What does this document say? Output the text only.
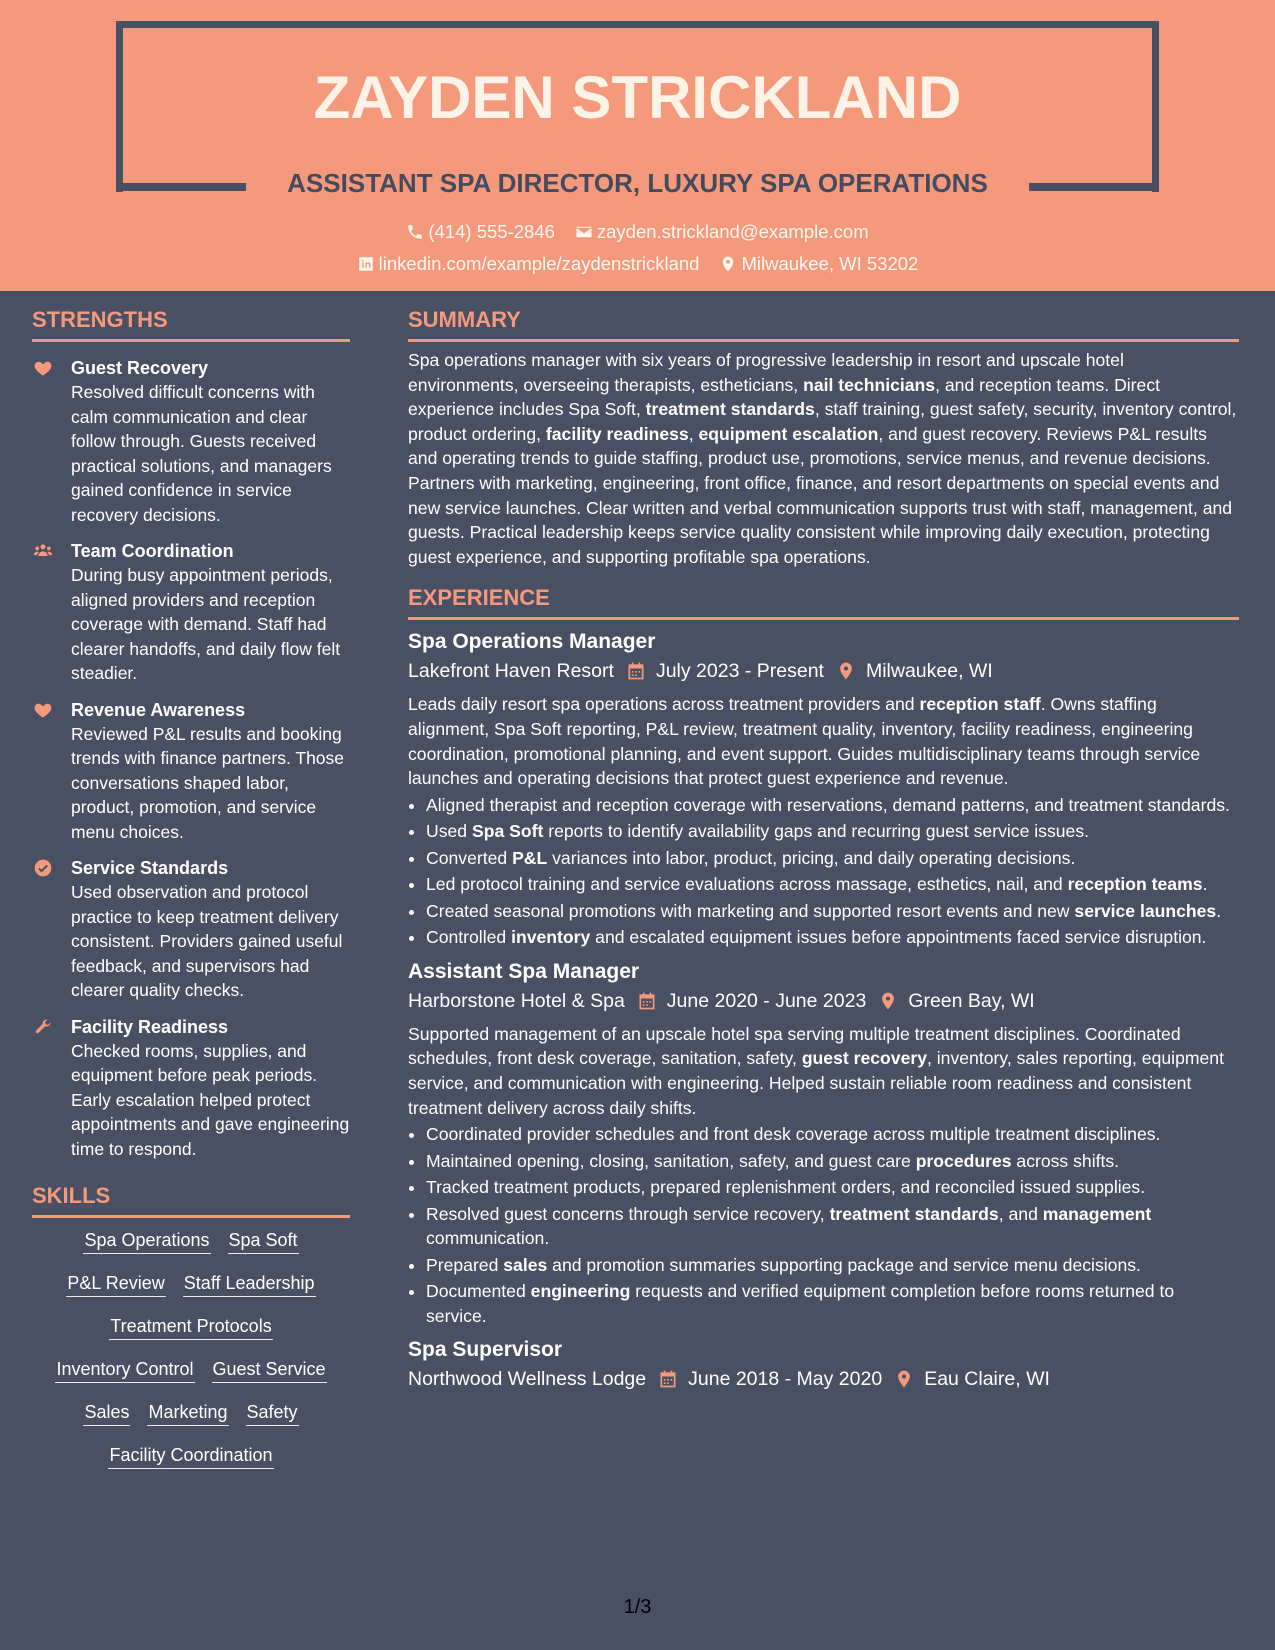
ZAYDEN STRICKLAND
ASSISTANT SPA DIRECTOR, LUXURY SPA OPERATIONS
(414) 555-2846 zayden.strickland@example.com
linkedin.com/example/zaydenstrickland Milwaukee, WI 53202
STRENGTHS
Guest Recovery
Resolved difficult concerns with calm communication and clear follow through. Guests received practical solutions, and managers gained confidence in service recovery decisions.
Team Coordination
During busy appointment periods, aligned providers and reception coverage with demand. Staff had clearer handoffs, and daily flow felt steadier.
Revenue Awareness
Reviewed P&L results and booking trends with finance partners. Those conversations shaped labor, product, promotion, and service menu choices.
Service Standards
Used observation and protocol practice to keep treatment delivery consistent. Providers gained useful feedback, and supervisors had clearer quality checks.
Facility Readiness
Checked rooms, supplies, and equipment before peak periods. Early escalation helped protect appointments and gave engineering time to respond.
SKILLS
Spa Operations Spa Soft
P&L Review Staff Leadership
Treatment Protocols
Inventory Control Guest Service
Sales Marketing Safety
Facility Coordination
SUMMARY
Spa operations manager with six years of progressive leadership in resort and upscale hotel environments, overseeing therapists, estheticians, nail technicians, and reception teams. Direct experience includes Spa Soft, treatment standards, staff training, guest safety, security, inventory control, product ordering, facility readiness, equipment escalation, and guest recovery. Reviews P&L results and operating trends to guide staffing, product use, promotions, service menus, and revenue decisions. Partners with marketing, engineering, front office, finance, and resort departments on special events and new service launches. Clear written and verbal communication supports trust with staff, management, and guests. Practical leadership keeps service quality consistent while improving daily execution, protecting guest experience, and supporting profitable spa operations.
EXPERIENCE
Spa Operations Manager
Lakefront Haven Resort July 2023 - Present Milwaukee, WI
Leads daily resort spa operations across treatment providers and reception staff. Owns staffing alignment, Spa Soft reporting, P&L review, treatment quality, inventory, facility readiness, engineering coordination, promotional planning, and event support. Guides multidisciplinary teams through service launches and operating decisions that protect guest experience and revenue.
• Aligned therapist and reception coverage with reservations, demand patterns, and treatment standards.
• Used Spa Soft reports to identify availability gaps and recurring guest service issues.
• Converted P&L variances into labor, product, pricing, and daily operating decisions.
• Led protocol training and service evaluations across massage, esthetics, nail, and reception teams.
• Created seasonal promotions with marketing and supported resort events and new service launches.
• Controlled inventory and escalated equipment issues before appointments faced service disruption.
Assistant Spa Manager
Harborstone Hotel & Spa June 2020 - June 2023 Green Bay, WI
Supported management of an upscale hotel spa serving multiple treatment disciplines. Coordinated schedules, front desk coverage, sanitation, safety, guest recovery, inventory, sales reporting, equipment service, and communication with engineering. Helped sustain reliable room readiness and consistent treatment delivery across daily shifts.
• Coordinated provider schedules and front desk coverage across multiple treatment disciplines.
• Maintained opening, closing, sanitation, safety, and guest care procedures across shifts.
• Tracked treatment products, prepared replenishment orders, and reconciled issued supplies.
• Resolved guest concerns through service recovery, treatment standards, and management communication.
• Prepared sales and promotion summaries supporting package and service menu decisions.
• Documented engineering requests and verified equipment completion before rooms returned to service.
Spa Supervisor
Northwood Wellness Lodge June 2018 - May 2020 Eau Claire, WI
1/3
